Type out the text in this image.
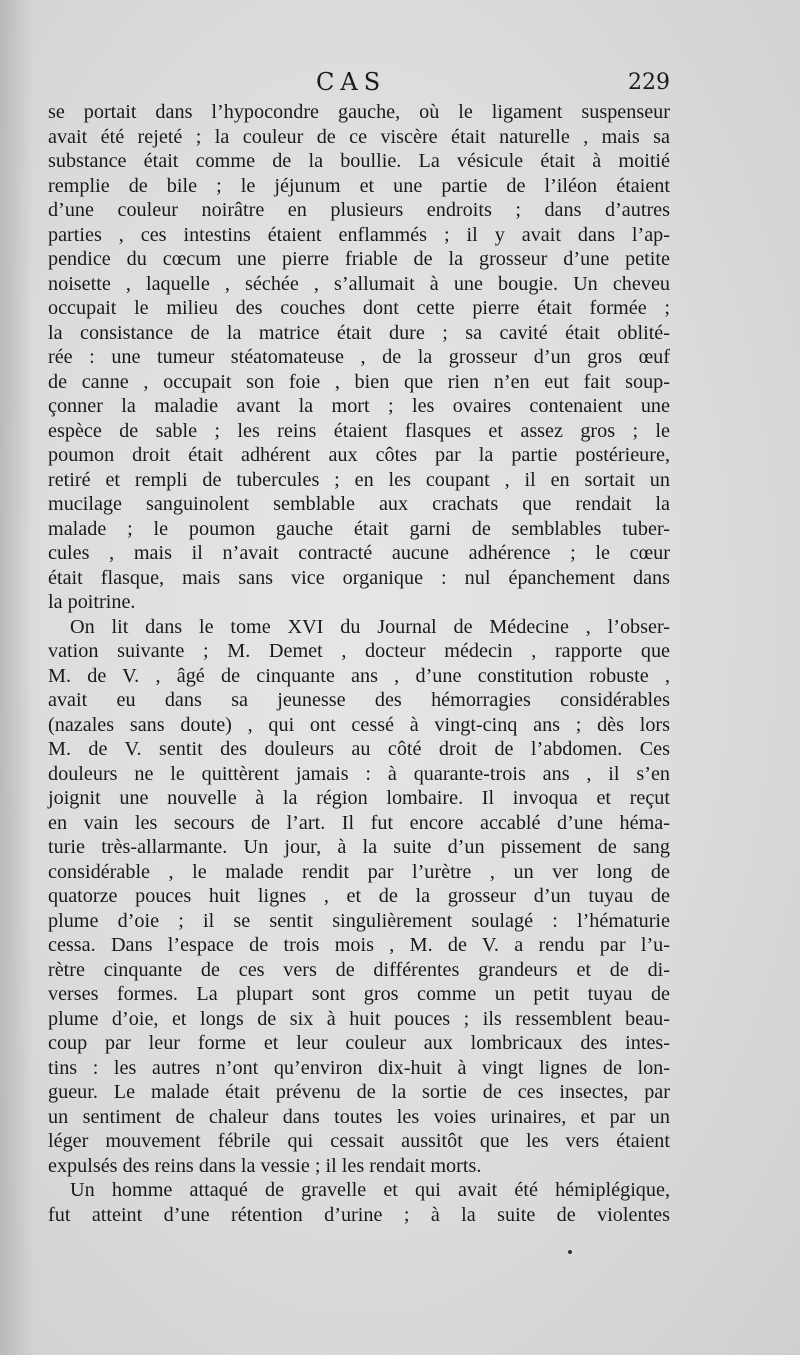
CAS	229
se portait dans l’hypocondre gauche, où le ligament suspenseur
avait été rejeté ; la couleur de ce viscère était naturelle , mais sa
substance était comme de la boullie. La vésicule était à moitié
remplie de bile ; le jéjunum et une partie de l’iléon étaient
d’une couleur noirâtre en plusieurs endroits ; dans d’autres
parties , ces intestins étaient enflammés ; il y avait dans l’ap-
pendice du cœcum une pierre friable de la grosseur d’une petite
noisette , laquelle , séchée , s’allumait à une bougie. Un cheveu
occupait le milieu des couches dont cette pierre était formée ;
la consistance de la matrice était dure ; sa cavité était oblité-
rée : une tumeur stéatomateuse , de la grosseur d’un gros œuf
de canne , occupait son foie , bien que rien n’en eut fait soup-
çonner la maladie avant la mort ; les ovaires contenaient une
espèce de sable ; les reins étaient flasques et assez gros ; le
poumon droit était adhérent aux côtes par la partie postérieure,
retiré et rempli de tubercules ; en les coupant , il en sortait un
mucilage sanguinolent semblable aux crachats que rendait la
malade ; le poumon gauche était garni de semblables tuber-
cules , mais il n’avait contracté aucune adhérence ; le cœur
était flasque, mais sans vice organique : nul épanchement dans
la poitrine.
On lit dans le tome XVI du Journal de Médecine , l’obser-
vation suivante ; M. Demet , docteur médecin , rapporte que
M. de V. , âgé de cinquante ans , d’une constitution robuste ,
avait eu dans sa jeunesse des hémorragies considérables
(nazales sans doute) , qui ont cessé à vingt-cinq ans ; dès lors
M. de V. sentit des douleurs au côté droit de l’abdomen. Ces
douleurs ne le quittèrent jamais : à quarante-trois ans , il s’en
joignit une nouvelle à la région lombaire. Il invoqua et reçut
en vain les secours de l’art. Il fut encore accablé d’une héma-
turie très-allarmante. Un jour, à la suite d’un pissement de sang
considérable , le malade rendit par l’urètre , un ver long de
quatorze pouces huit lignes , et de la grosseur d’un tuyau de
plume d’oie ; il se sentit singulièrement soulagé : l’hématurie
cessa. Dans l’espace de trois mois , M. de V. a rendu par l’u-
rètre cinquante de ces vers de différentes grandeurs et de di-
verses formes. La plupart sont gros comme un petit tuyau de
plume d’oie, et longs de six à huit pouces ; ils ressemblent beau-
coup par leur forme et leur couleur aux lombricaux des intes-
tins : les autres n’ont qu’environ dix-huit à vingt lignes de lon-
gueur. Le malade était prévenu de la sortie de ces insectes, par
un sentiment de chaleur dans toutes les voies urinaires, et par un
léger mouvement fébrile qui cessait aussitôt que les vers étaient
expulsés des reins dans la vessie ; il les rendait morts.
Un homme attaqué de gravelle et qui avait été hémiplégique,
fut atteint d’une rétention d’urine ; à la suite de violentes
